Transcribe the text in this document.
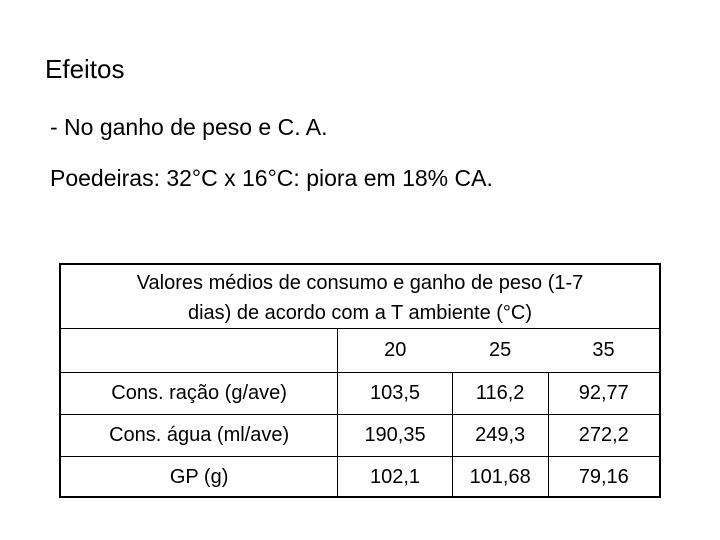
Efeitos
- No ganho de peso e C. A.
Poedeiras: 32°C x 16°C: piora em 18% CA.
Valores médios de consumo e ganho de peso (1-7
dias) de acordo com a T ambiente (°C)
	20	25	35
Cons. ração (g/ave)	103,5	116,2	92,77
Cons. água (ml/ave)	190,35	249,3	272,2
GP (g)	102,1	101,68	79,16
